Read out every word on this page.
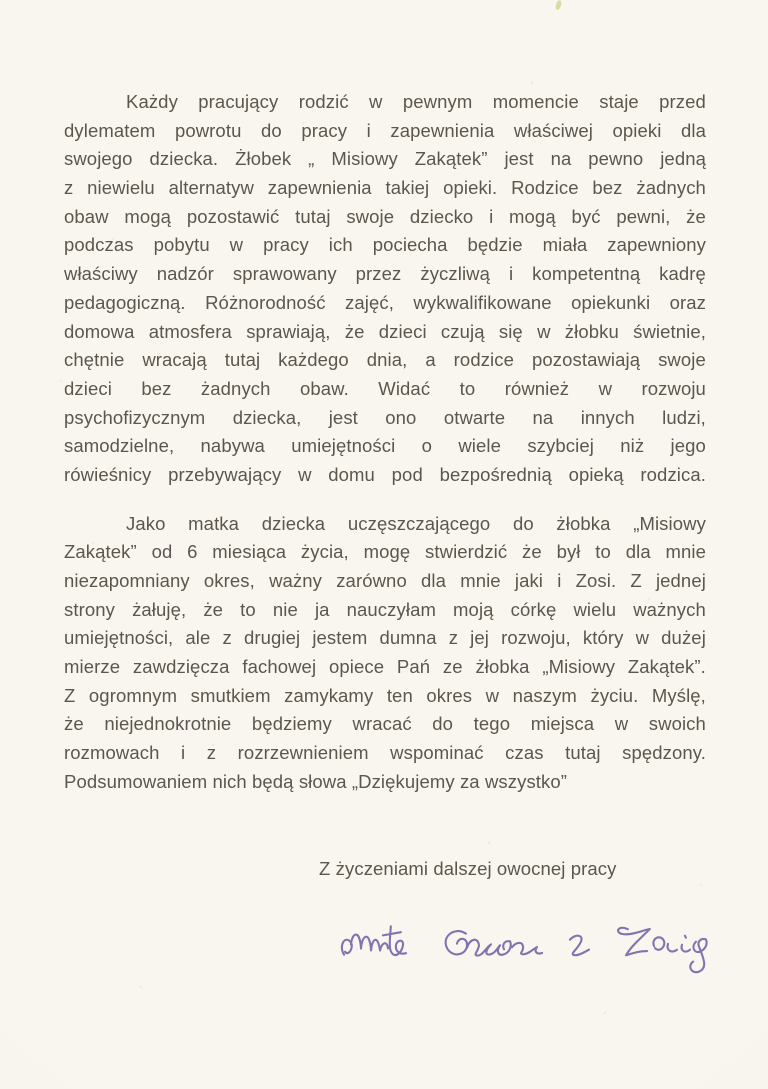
Każdy pracujący rodzić w pewnym momencie staje przed
dylematem powrotu do pracy i zapewnienia właściwej opieki dla
swojego dziecka. Żłobek „ Misiowy Zakątek” jest na pewno jedną
z niewielu alternatyw zapewnienia takiej opieki. Rodzice bez żadnych
obaw mogą pozostawić tutaj swoje dziecko i mogą być pewni, że
podczas pobytu w pracy ich pociecha będzie miała zapewniony
właściwy nadzór sprawowany przez życzliwą i kompetentną kadrę
pedagogiczną. Różnorodność zajęć, wykwalifikowane opiekunki oraz
domowa atmosfera sprawiają, że dzieci czują się w żłobku świetnie,
chętnie wracają tutaj każdego dnia, a rodzice pozostawiają swoje
dzieci bez żadnych obaw. Widać to również w rozwoju
psychofizycznym dziecka, jest ono otwarte na innych ludzi,
samodzielne, nabywa umiejętności o wiele szybciej niż jego
rówieśnicy przebywający w domu pod bezpośrednią opieką rodzica.
Jako matka dziecka uczęszczającego do żłobka „Misiowy
Zakątek” od 6 miesiąca życia, mogę stwierdzić że był to dla mnie
niezapomniany okres, ważny zarówno dla mnie jaki i Zosi. Z jednej
strony żałuję, że to nie ja nauczyłam moją córkę wielu ważnych
umiejętności, ale z drugiej jestem dumna z jej rozwoju, który w dużej
mierze zawdzięcza fachowej opiece Pań ze żłobka „Misiowy Zakątek”.
Z ogromnym smutkiem zamykamy ten okres w naszym życiu. Myślę,
że niejednokrotnie będziemy wracać do tego miejsca w swoich
rozmowach i z rozrzewnieniem wspominać czas tutaj spędzony.
Podsumowaniem nich będą słowa „Dziękujemy za wszystko”
Z życzeniami dalszej owocnej pracy
